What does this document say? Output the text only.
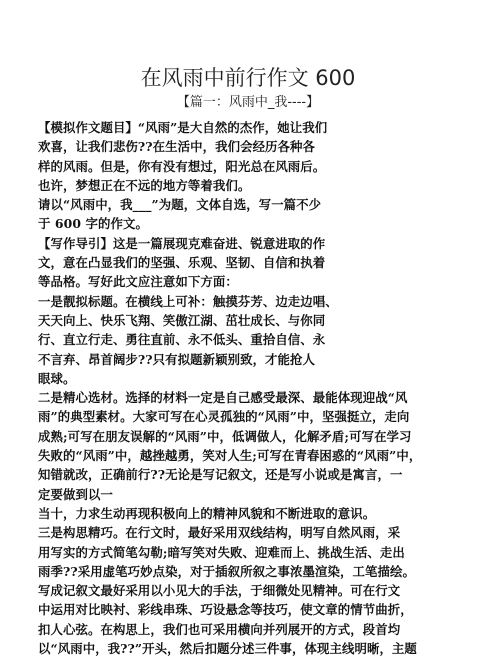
在风雨中前行作文 600
【篇一：风雨中_我----】
【模拟作文题目】“风雨”是大自然的杰作，她让我们
欢喜，让我们悲伤??在生活中，我们会经历各种各
样的风雨。但是，你有没有想过，阳光总在风雨后。
也许，梦想正在不远的地方等着我们。
请以“风雨中，我___”为题，文体自选，写一篇不少
于 600 字的作文。
【写作导引】这是一篇展现克难奋进、锐意进取的作
文，意在凸显我们的坚强、乐观、坚韧、自信和执着
等品格。写好此文应注意如下方面：
一是靓拟标题。在横线上可补：触摸芬芳、边走边唱、
天天向上、快乐飞翔、笑傲江湖、茁壮成长、与你同
行、直立行走、勇往直前、永不低头、重拾自信、永
不言弃、昂首阔步??只有拟题新颖别致，才能抢人
眼球。
二是精心选材。选择的材料一定是自己感受最深、最能体现迎战“风
雨”的典型素材。大家可写在心灵孤独的“风雨”中，坚强挺立，走向
成熟;可写在朋友误解的“风雨”中，低调做人，化解矛盾;可写在学习
失败的“风雨”中，越挫越勇，笑对人生;可写在青春困惑的“风雨”中，
知错就改，正确前行??无论是写记叙文，还是写小说或是寓言，一
定要做到以一
当十，力求生动再现积极向上的精神风貌和不断进取的意识。
三是构思精巧。在行文时，最好采用双线结构，明写自然风雨，采
用写实的方式简笔勾勒;暗写笑对失败、迎难而上、挑战生活、走出
雨季??采用虚笔巧妙点染，对于插叙所叙之事浓墨渲染，工笔描绘。
写成记叙文最好采用以小见大的手法，于细微处见精神。可在行文
中运用对比映衬、彩线串珠、巧设悬念等技巧，使文章的情节曲折，
扣人心弦。在构思上，我们也可采用横向并列展开的方式，段首均
以“风雨中，我??”开头，然后扣题分述三件事，体现主线明晰，主题
